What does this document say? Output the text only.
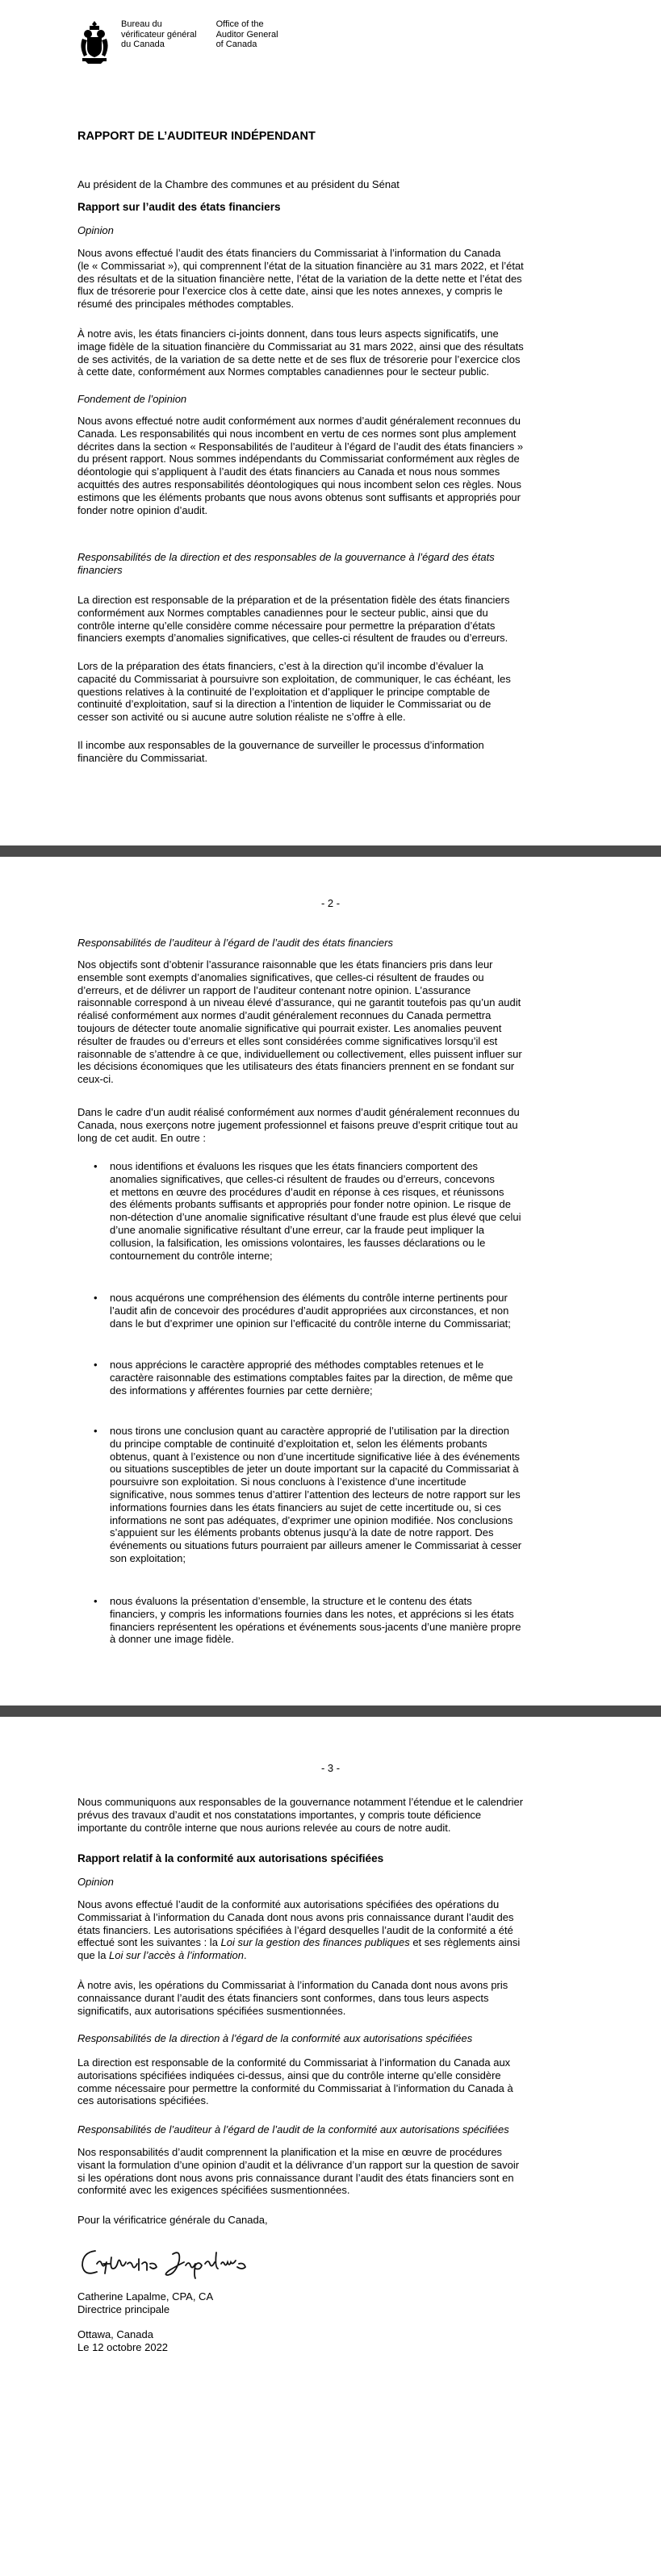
Bureau du
vérificateur général
du Canada
Office of the
Auditor General
of Canada

RAPPORT DE L’AUDITEUR INDÉPENDANT

Au président de la Chambre des communes et au président du Sénat

Rapport sur l’audit des états financiers

Opinion

Nous avons effectué l’audit des états financiers du Commissariat à l’information du Canada

(le « Commissariat »), qui comprennent l’état de la situation financière au 31 mars 2022, et l’état

des résultats et de la situation financière nette, l’état de la variation de la dette nette et l’état des

flux de trésorerie pour l’exercice clos à cette date, ainsi que les notes annexes, y compris le

résumé des principales méthodes comptables.

À notre avis, les états financiers ci-joints donnent, dans tous leurs aspects significatifs, une

image fidèle de la situation financière du Commissariat au 31 mars 2022, ainsi que des résultats

de ses activités, de la variation de sa dette nette et de ses flux de trésorerie pour l’exercice clos

à cette date, conformément aux Normes comptables canadiennes pour le secteur public.

Fondement de l’opinion

Nous avons effectué notre audit conformément aux normes d’audit généralement reconnues du

Canada. Les responsabilités qui nous incombent en vertu de ces normes sont plus amplement

décrites dans la section « Responsabilités de l’auditeur à l’égard de l’audit des états financiers »

du présent rapport. Nous sommes indépendants du Commissariat conformément aux règles de

déontologie qui s’appliquent à l’audit des états financiers au Canada et nous nous sommes

acquittés des autres responsabilités déontologiques qui nous incombent selon ces règles. Nous

estimons que les éléments probants que nous avons obtenus sont suffisants et appropriés pour

fonder notre opinion d’audit.

Responsabilités de la direction et des responsables de la gouvernance à l’égard des états

financiers

La direction est responsable de la préparation et de la présentation fidèle des états financiers

conformément aux Normes comptables canadiennes pour le secteur public, ainsi que du

contrôle interne qu’elle considère comme nécessaire pour permettre la préparation d’états

financiers exempts d’anomalies significatives, que celles-ci résultent de fraudes ou d’erreurs.

Lors de la préparation des états financiers, c’est à la direction qu’il incombe d’évaluer la

capacité du Commissariat à poursuivre son exploitation, de communiquer, le cas échéant, les

questions relatives à la continuité de l’exploitation et d’appliquer le principe comptable de

continuité d’exploitation, sauf si la direction a l’intention de liquider le Commissariat ou de

cesser son activité ou si aucune autre solution réaliste ne s’offre à elle.

Il incombe aux responsables de la gouvernance de surveiller le processus d’information

financière du Commissariat.

- 2 -

Responsabilités de l’auditeur à l’égard de l’audit des états financiers

Nos objectifs sont d’obtenir l’assurance raisonnable que les états financiers pris dans leur

ensemble sont exempts d’anomalies significatives, que celles-ci résultent de fraudes ou

d’erreurs, et de délivrer un rapport de l’auditeur contenant notre opinion. L’assurance

raisonnable correspond à un niveau élevé d’assurance, qui ne garantit toutefois pas qu’un audit

réalisé conformément aux normes d’audit généralement reconnues du Canada permettra

toujours de détecter toute anomalie significative qui pourrait exister. Les anomalies peuvent

résulter de fraudes ou d’erreurs et elles sont considérées comme significatives lorsqu’il est

raisonnable de s’attendre à ce que, individuellement ou collectivement, elles puissent influer sur

les décisions économiques que les utilisateurs des états financiers prennent en se fondant sur

ceux-ci.

Dans le cadre d’un audit réalisé conformément aux normes d’audit généralement reconnues du

Canada, nous exerçons notre jugement professionnel et faisons preuve d’esprit critique tout au

long de cet audit. En outre :

• nous identifions et évaluons les risques que les états financiers comportent des

anomalies significatives, que celles-ci résultent de fraudes ou d’erreurs, concevons

et mettons en œuvre des procédures d’audit en réponse à ces risques, et réunissons

des éléments probants suffisants et appropriés pour fonder notre opinion. Le risque de

non-détection d’une anomalie significative résultant d’une fraude est plus élevé que celui

d’une anomalie significative résultant d’une erreur, car la fraude peut impliquer la

collusion, la falsification, les omissions volontaires, les fausses déclarations ou le

contournement du contrôle interne;

• nous acquérons une compréhension des éléments du contrôle interne pertinents pour

l’audit afin de concevoir des procédures d’audit appropriées aux circonstances, et non

dans le but d’exprimer une opinion sur l’efficacité du contrôle interne du Commissariat;

• nous apprécions le caractère approprié des méthodes comptables retenues et le

caractère raisonnable des estimations comptables faites par la direction, de même que

des informations y afférentes fournies par cette dernière;

• nous tirons une conclusion quant au caractère approprié de l’utilisation par la direction

du principe comptable de continuité d’exploitation et, selon les éléments probants

obtenus, quant à l’existence ou non d’une incertitude significative liée à des événements

ou situations susceptibles de jeter un doute important sur la capacité du Commissariat à

poursuivre son exploitation. Si nous concluons à l’existence d’une incertitude

significative, nous sommes tenus d’attirer l’attention des lecteurs de notre rapport sur les

informations fournies dans les états financiers au sujet de cette incertitude ou, si ces

informations ne sont pas adéquates, d’exprimer une opinion modifiée. Nos conclusions

s’appuient sur les éléments probants obtenus jusqu’à la date de notre rapport. Des

événements ou situations futurs pourraient par ailleurs amener le Commissariat à cesser

son exploitation;

• nous évaluons la présentation d’ensemble, la structure et le contenu des états

financiers, y compris les informations fournies dans les notes, et apprécions si les états

financiers représentent les opérations et événements sous-jacents d’une manière propre

à donner une image fidèle.

- 3 -

Nous communiquons aux responsables de la gouvernance notamment l’étendue et le calendrier

prévus des travaux d’audit et nos constatations importantes, y compris toute déficience

importante du contrôle interne que nous aurions relevée au cours de notre audit.

Rapport relatif à la conformité aux autorisations spécifiées

Opinion

Nous avons effectué l’audit de la conformité aux autorisations spécifiées des opérations du

Commissariat à l’information du Canada dont nous avons pris connaissance durant l’audit des

états financiers. Les autorisations spécifiées à l’égard desquelles l’audit de la conformité a été

effectué sont les suivantes : la Loi sur la gestion des finances publiques et ses règlements ainsi

que la Loi sur l’accès à l’information.

À notre avis, les opérations du Commissariat à l’information du Canada dont nous avons pris

connaissance durant l’audit des états financiers sont conformes, dans tous leurs aspects

significatifs, aux autorisations spécifiées susmentionnées.

Responsabilités de la direction à l’égard de la conformité aux autorisations spécifiées

La direction est responsable de la conformité du Commissariat à l’information du Canada aux

autorisations spécifiées indiquées ci-dessus, ainsi que du contrôle interne qu’elle considère

comme nécessaire pour permettre la conformité du Commissariat à l’information du Canada à

ces autorisations spécifiées.

Responsabilités de l’auditeur à l’égard de l’audit de la conformité aux autorisations spécifiées

Nos responsabilités d’audit comprennent la planification et la mise en œuvre de procédures

visant la formulation d’une opinion d’audit et la délivrance d’un rapport sur la question de savoir

si les opérations dont nous avons pris connaissance durant l’audit des états financiers sont en

conformité avec les exigences spécifiées susmentionnées.

Pour la vérificatrice générale du Canada,

Catherine Lapalme, CPA, CA

Directrice principale

Ottawa, Canada

Le 12 octobre 2022
